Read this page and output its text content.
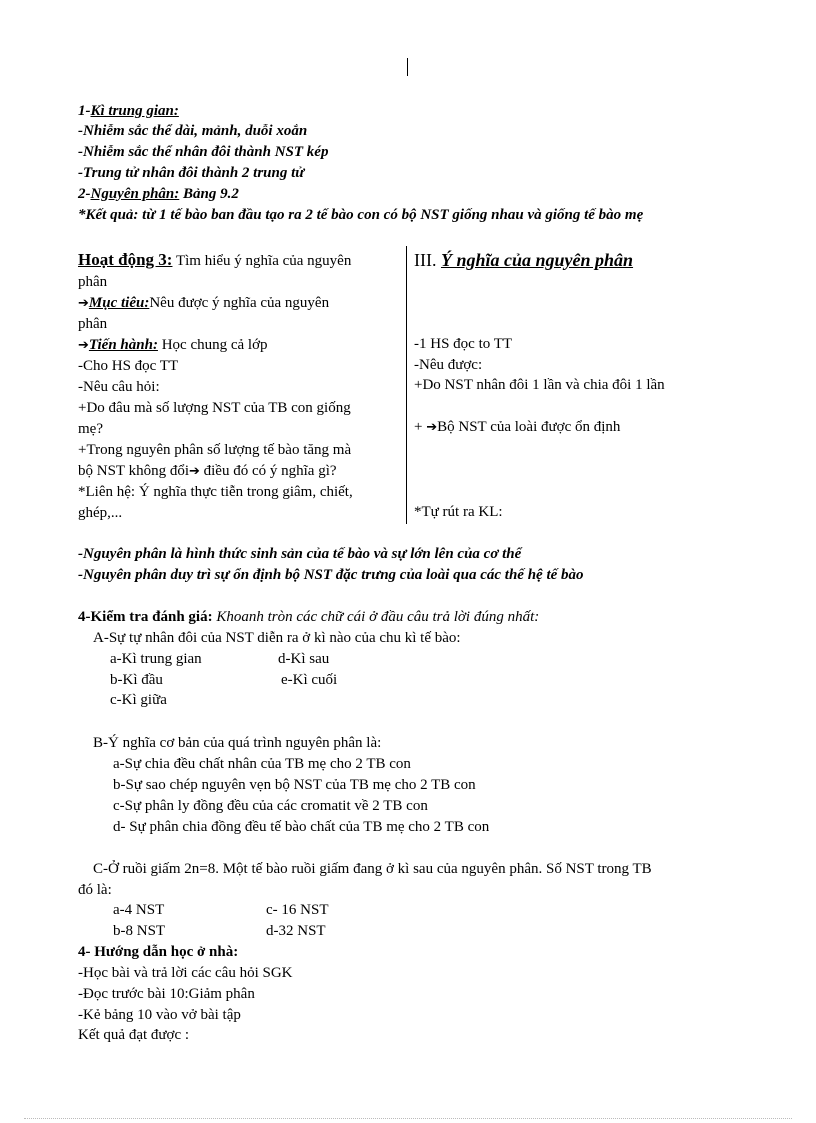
1-Kì trung gian:
-Nhiễm sắc thể dài, mảnh, duỗi xoắn
-Nhiễm sắc thể nhân đôi thành NST kép
-Trung tử nhân đôi thành 2 trung tử
2-Nguyên phân: Bảng 9.2
*Kết quả: từ 1 tế bào ban đầu tạo ra 2 tế bào con có bộ NST giống nhau và giống tế bào mẹ
Hoạt động 3: Tìm hiểu ý nghĩa của nguyên
phân
➔Mục tiêu:Nêu được ý nghĩa của nguyên
phân
➔Tiến hành: Học chung cả lớp
-Cho HS đọc TT
-Nêu câu hỏi:
+Do đâu mà số lượng NST của TB con giống
mẹ?
+Trong nguyên phân số lượng tế bào tăng mà
bộ NST không đổi➔ điều đó có ý nghĩa gì?
*Liên hệ: Ý nghĩa thực tiễn trong giâm, chiết,
ghép,...
III. Ý nghĩa của nguyên phân
-1 HS đọc to TT
-Nêu được:
+Do NST nhân đôi 1 lần và chia đôi 1 lần
+ ➔Bộ NST của loài được ổn định
*Tự rút ra KL:
-Nguyên phân là hình thức sinh sản của tế bào và sự lớn lên của cơ thể
-Nguyên phân duy trì sự ổn định bộ NST đặc trưng của loài qua các thế hệ tế bào
4-Kiểm tra đánh giá: Khoanh tròn các chữ cái ở đầu câu trả lời đúng nhất:
A-Sự tự nhân đôi của NST diễn ra ở kì nào của chu kì tế bào:
a-Kì trung gian	d-Kì sau
b-Kì đầu	e-Kì cuối
c-Kì giữa
B-Ý nghĩa cơ bản của quá trình nguyên phân là:
a-Sự chia đều chất nhân của TB mẹ cho 2 TB con
b-Sự sao chép nguyên vẹn bộ NST của TB mẹ cho 2 TB con
c-Sự phân ly đồng đều của các cromatit về 2 TB con
d- Sự phân chia đồng đều tế bào chất của TB mẹ cho 2 TB con
C-Ở ruồi giấm 2n=8. Một tế bào ruồi giấm đang ở kì sau của nguyên phân. Số NST trong TB
đó là:
a-4 NST	c- 16 NST
b-8 NST	d-32 NST
4- Hướng dẫn học ở nhà:
-Học bài và trả lời các câu hỏi SGK
-Đọc trước bài 10:Giảm phân
-Kẻ bảng 10 vào vở bài tập
Kết quả đạt được :
